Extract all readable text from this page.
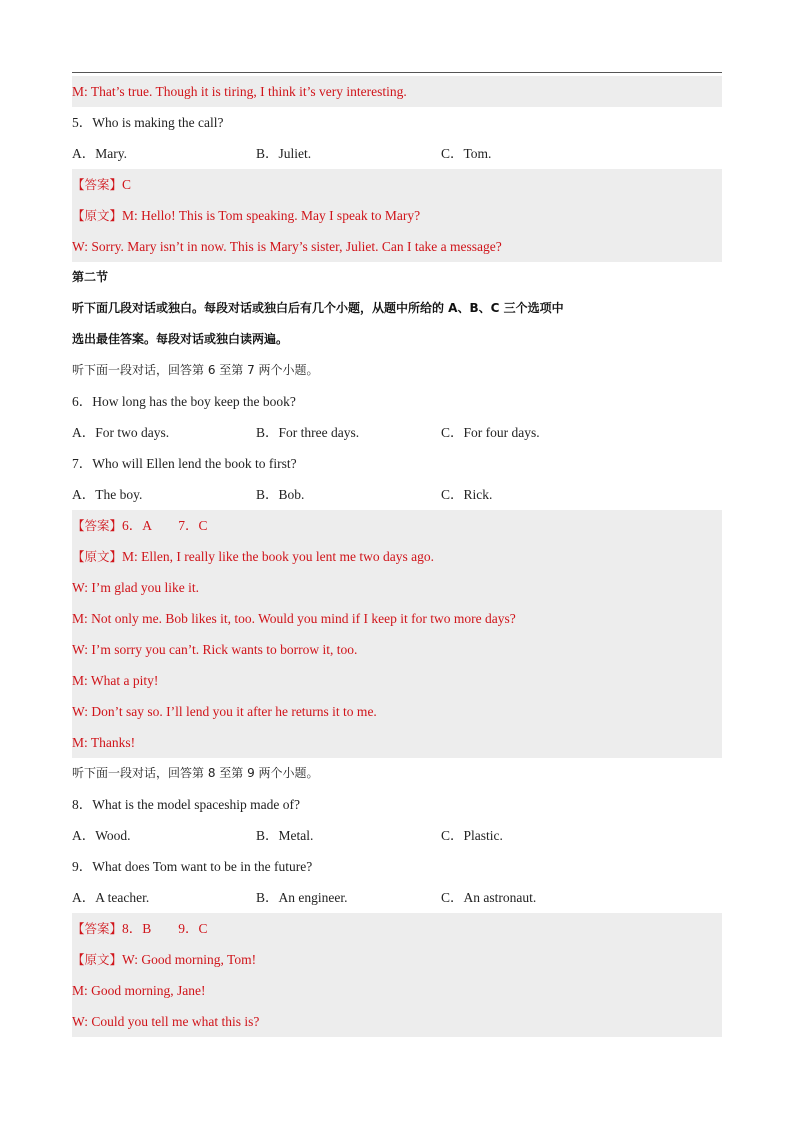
M: That’s true. Though it is tiring, I think it’s very interesting.
5．Who is making the call?
A．Mary.	B．Juliet.	C．Tom.
【答案】C
【原文】M: Hello! This is Tom speaking. May I speak to Mary?
W: Sorry. Mary isn’t in now. This is Mary’s sister, Juliet. Can I take a message?
第二节
听下面几段对话或独白。每段对话或独白后有几个小题，从题中所给的 A、B、C 三个选项中
选出最佳答案。每段对话或独白读两遍。
听下面一段对话，回答第 6 至第 7 两个小题。
6．How long has the boy keep the book?
A．For two days.	B．For three days.	C．For four days.
7．Who will Ellen lend the book to first?
A．The boy.	B．Bob.	C．Rick.
【答案】6．A　　7．C
【原文】M: Ellen, I really like the book you lent me two days ago.
W: I’m glad you like it.
M: Not only me. Bob likes it, too. Would you mind if I keep it for two more days?
W: I’m sorry you can’t. Rick wants to borrow it, too.
M: What a pity!
W: Don’t say so. I’ll lend you it after he returns it to me.
M: Thanks!
听下面一段对话，回答第 8 至第 9 两个小题。
8．What is the model spaceship made of?
A．Wood.	B．Metal.	C．Plastic.
9．What does Tom want to be in the future?
A．A teacher.	B．An engineer.	C．An astronaut.
【答案】8．B　　9．C
【原文】W: Good morning, Tom!
M: Good morning, Jane!
W: Could you tell me what this is?
